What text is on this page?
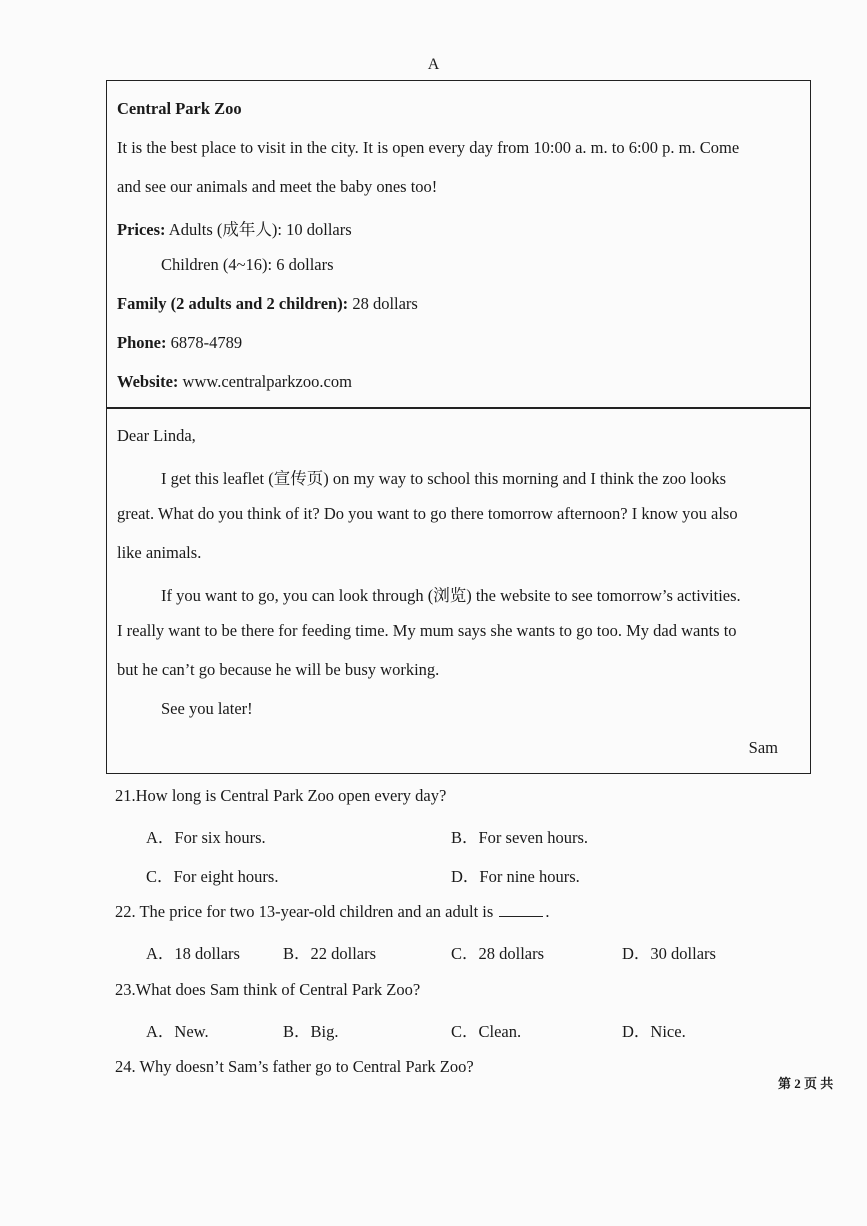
A
Central Park Zoo
It is the best place to visit in the city. It is open every day from 10:00 a. m. to 6:00 p. m. Come
and see our animals and meet the baby ones too!
Prices: Adults (成年人): 10 dollars
Children (4~16): 6 dollars
Family (2 adults and 2 children): 28 dollars
Phone: 6878-4789
Website: www.centralparkzoo.com
Dear Linda,
I get this leaflet (宣传页) on my way to school this morning and I think the zoo looks
great. What do you think of it? Do you want to go there tomorrow afternoon? I know you also
like animals.
If you want to go, you can look through (浏览) the website to see tomorrow’s activities.
I really want to be there for feeding time. My mum says she wants to go too. My dad wants to
but he can’t go because he will be busy working.
See you later!
Sam
21.How long is Central Park Zoo open every day?
A．For six hours.	B．For seven hours.
C．For eight hours.	D．For nine hours.
22. The price for two 13-year-old children and an adult is	.
A．18 dollars	B．22 dollars	C．28 dollars	D．30 dollars
23.What does Sam think of Central Park Zoo?
A．New.	B．Big.	C．Clean.	D．Nice.
24. Why doesn’t Sam’s father go to Central Park Zoo?
第 2 页 共
